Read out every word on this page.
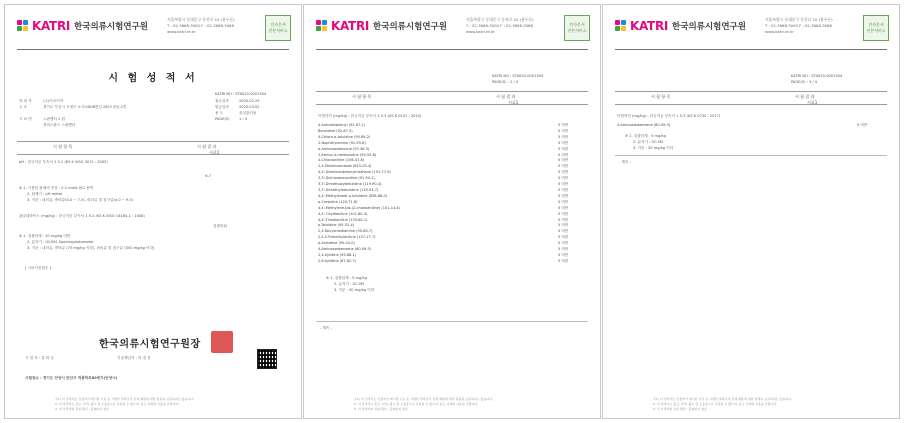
KATRI 한국의류시험연구원
서울특별시 동대문구 동산로 10 (용두동)
T : 02-3668-3000 F : 02-3668-3068
www.katri.re.kr
전자문서
진본서비스
시 험 성 적 서
KATRI NO : STA020-0001304
의 뢰 자	(주)이코이아
주 소	경기도 부천시 오정구 소사로808번길 26(오정동,2층
시 료 명	스판엔더 1 원
정미스판스 스판엔더
접수일자	2020.02.25
발급일자	2020.03.02
용 도	품질관리용
PAGE(S)	1 / 4
시 험 항 목	시 험 결 과
시료1
pH : 한국지공 부속서 1 5.1 (KS K 0ISO 3071 : 2005)
6.7
※ 1. 사용한 완제의 종류 : 0.1 mol/L KCl 용액
2. 완제기 : pH meter
3. 기준 : 내의류, 중의류(4.0 ~ 7.5), 외의류 및 침구류(4.0 ~ 9.0)
폼알데하이드 (mg/kg) : 한국지공 부속서 1 5.2 (KS K 0ISO 14184-1 : 2008)
검출한됨
※ 1. 검출한계 : 20 mg/kg 미만
2. 분석기 : UV/VIS Spectrophotometer
3. 기준 : 내의류, 중의류 (75 mg/kg 이하), 외의류 및 침구류 (300 mg/kg 이하)
[ 시료사진첨부 ]
한국의류시험연구원장
시 험 자 : 류 미 숙	기술책임자 : 이 경 진
시험장소 : 경기도 안양시 만안구 덕풍하로89번지(안양시)
주1) 이 성적서는 신청자가 제시한 시료 등 시험한 결과로서 전체 제품에 대한 품질을 보증하지는 않습니다.
2. 이 성적서는 홍보, 선전, 광고 및 소송용으로 사용될 수 없으며, 용도 이외의 사용을 금합니다.
3. 이 성적서의 진위 확인 : 홈페이지 참조
KATRI 한국의류시험연구원
서울특별시 동대문구 동산로 10 (용두동)
T : 02-3668-3000 F : 02-3668-3068
www.katri.re.kr
전자문서
진본서비스
KATRI NO : STA020-0001304
PAGE(S) : 2 / 4
시 험 항 목	시 험 결 과
시료1
아릴아민 (mg/kg) : 한국지공 부속서 1 5.3 (KS K 0147 : 2015)
4-Aminobiphenyl (92-67-1)	5 미만
Benzidine (92-87-5)	5 미만
4-Chloro-o-toluidine (95-69-2)	5 미만
2-Naphthylamine (91-59-8)	5 미만
o-Aminoazotoluene (97-56-3)	5 미만
2-Amino-4-nitrotoluene (99-55-8)	5 미만
4-Chloroaniline (106-47-8)	5 미만
2,4-Diaminoanisole (615-05-4)	5 미만
4,4'-Diaminodiphenylmethane (101-77-9)	5 미만
3,3'-Dichlorobenzidine (91-94-1)	5 미만
3,3'-Dimethoxybenzidine (119-90-4)	5 미만
3,3'-Dimethylbenzidine (119-93-7)	5 미만
4,4'-Methylenedi-o-toluidine (838-88-0)	5 미만
p-Cresidine (120-71-8)	5 미만
4,4'-Methylene-bis-(2-chloroaniline) (101-14-4)	5 미만
4,4'-Oxydianiline (101-80-4)	5 미만
4,4'-Thiodianiline (139-65-1)	5 미만
o-Toluidine (95-53-4)	5 미만
2,4-Toluylenediamine (95-80-7)	5 미만
2,4,5-Trimethylaniline (137-17-7)	5 미만
o-Anisidine (90-04-0)	5 미만
4-Aminoazobenzene (60-09-3)	5 미만
2,4-Xylidine (95-68-1)	5 미만
2,6-Xylidine (87-62-7)	5 미만
※ 1. 검출한계 : 5 mg/kg
2. 분석기 : GC-MS
3. 기준 : 30 mg/kg 이하
- 계속 -
주1) 이 성적서는 신청자가 제시한 시료 등 시험한 결과로서 전체 제품에 대한 품질을 보증하지는 않습니다.
2. 이 성적서는 홍보, 선전, 광고 및 소송용으로 사용될 수 없으며, 용도 이외의 사용을 금합니다.
3. 이 성적서의 진위 확인 : 홈페이지 참조
KATRI 한국의류시험연구원
서울특별시 동대문구 동산로 10 (용두동)
T : 02-3668-3000 F : 02-3668-3068
www.katri.re.kr
전자문서
진본서비스
KATRI NO : STA020-0001304
PAGE(S) : 3 / 4
시 험 항 목	시 험 결 과
시료1
아릴아민 (mg/kg) : 한국지공 부속서 1 5.3 (KS K 0730 : 2017)
4-Aminoazobenzene (60-09-3)	5 미만
※ 1. 검출한계 : 5 mg/kg
2. 분석기 : GC-MS
3. 기준 : 30 mg/kg 이하
- 계속 -
주1) 이 성적서는 신청자가 제시한 시료 등 시험한 결과로서 전체 제품에 대한 품질을 보증하지는 않습니다.
2. 이 성적서는 홍보, 선전, 광고 및 소송용으로 사용될 수 없으며, 용도 이외의 사용을 금합니다.
3. 이 성적서의 진위 확인 : 홈페이지 참조
